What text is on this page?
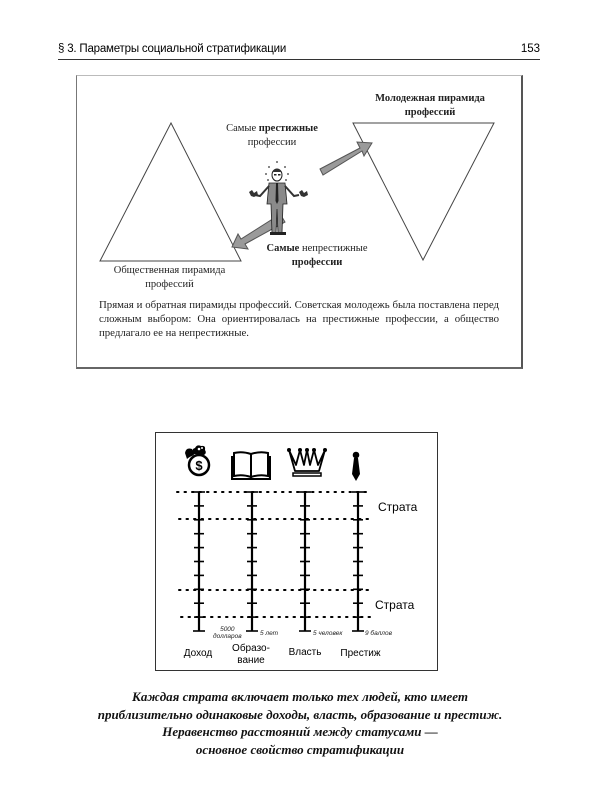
§ 3. Параметры социальной стратификации	153
Молодежная пирамида
профессий
Самые престижные
профессии
Самые непрестижные
профессии
Общественная пирамида
профессий
Прямая и обратная пирамиды профессий. Советская молодежь была поставлена перед сложным выбором: Она ориентировалась на престижные профессии, а общество предлагало ее на непрестижные.
$
Страта
Страта
5000
долларов	5 лет	5 человек	9 баллов
Доход	Образо-
вание
Власть	Престиж
Каждая страта включает только тех людей, кто имеет
приблизительно одинаковые доходы, власть, образование и престиж.
Неравенство расстояний между статусами —
основное свойство стратификации
